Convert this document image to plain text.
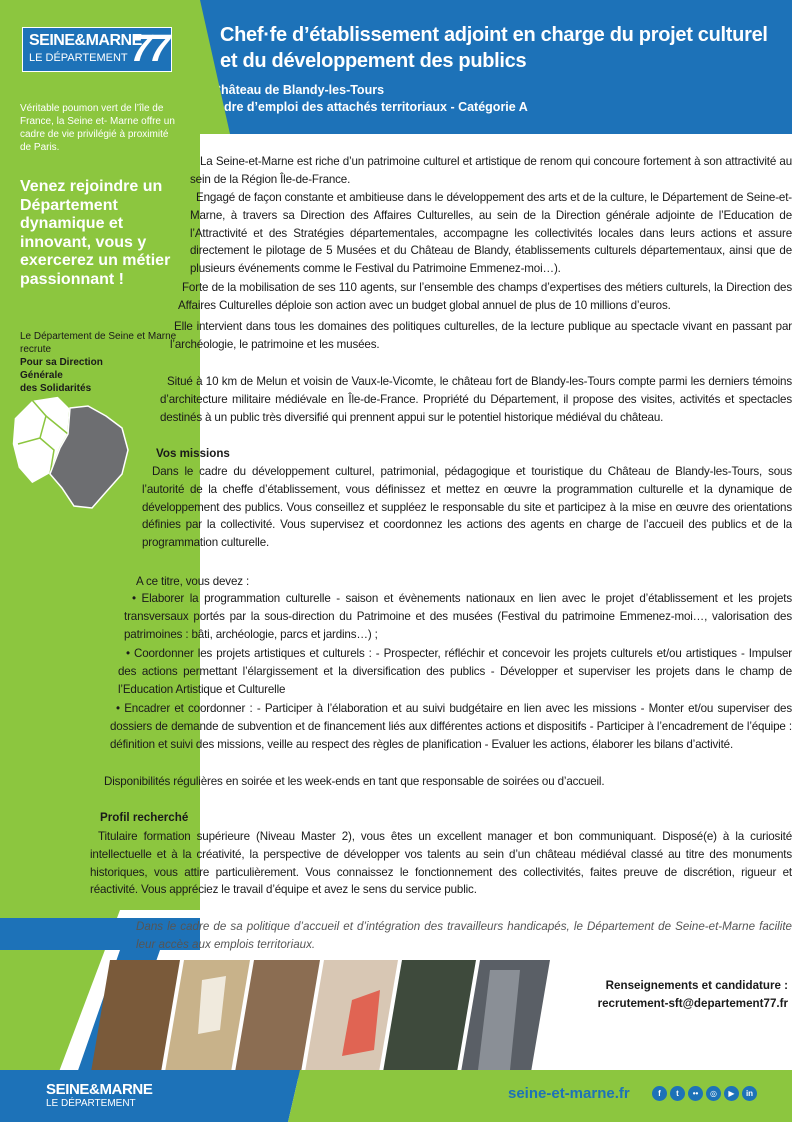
SEINE&MARNE
LE DÉPARTEMENT 77
Véritable poumon vert de l’île de France, la Seine et- Marne offre un cadre de vie privilégié à proximité de Paris.
Venez rejoindre un Département dynamique et innovant, vous y exercerez un métier passionnant !
Le Département de Seine et Marne recrute
Pour sa Direction
Générale
des Solidarités
Chef·fe d’établissement adjoint en charge du projet culturel
et du développement des publics
Château de Blandy-les-Tours
Cadre d’emploi des attachés territoriaux - Catégorie A
La Seine-et-Marne est riche d’un patrimoine culturel et artistique de renom qui concoure fortement à son attractivité au sein de la Région Île-de-France.
Engagé de façon constante et ambitieuse dans le développement des arts et de la culture, le Département de Seine-et-Marne, à travers sa Direction des Affaires Culturelles, au sein de la Direction générale adjointe de l’Education de l’Attractivité et des Stratégies départementales, accompagne les collectivités locales dans leurs actions et assure directement le pilotage de 5 Musées et du Château de Blandy, établissements culturels départementaux, ainsi que de plusieurs événements comme le Festival du Patrimoine Emmenez-moi…).
Forte de la mobilisation de ses 110 agents, sur l’ensemble des champs d’expertises des métiers culturels, la Direction des Affaires Culturelles déploie son action avec un budget global annuel de plus de 10 millions d’euros.
Elle intervient dans tous les domaines des politiques culturelles, de la lecture publique au spectacle vivant en passant par l’archéologie, le patrimoine et les musées.
Situé à 10 km de Melun et voisin de Vaux-le-Vicomte, le château fort de Blandy-les-Tours compte parmi les derniers témoins d’architecture militaire médiévale en Île-de-France. Propriété du Département, il propose des visites, activités et spectacles destinés à un public très diversifié qui prennent appui sur le potentiel historique médiéval du château.
Vos missions
Dans le cadre du développement culturel, patrimonial, pédagogique et touristique du Château de Blandy-les-Tours, sous l’autorité de la cheffe d’établissement, vous définissez et mettez en œuvre la programmation culturelle et la dynamique de développement des publics. Vous conseillez et suppléez le responsable du site et participez à la mise en œuvre des orientations définies par la collectivité. Vous supervisez et coordonnez les actions des agents en charge de l’accueil des publics et de la programmation culturelle.
A ce titre, vous devez :
• Elaborer la programmation culturelle - saison et évènements nationaux en lien avec le projet d’établissement et les projets transversaux portés par la sous-direction du Patrimoine et des musées (Festival du patrimoine Emmenez-moi…, valorisation des patrimoines : bâti, archéologie, parcs et jardins…) ;
• Coordonner les projets artistiques et culturels : - Prospecter, réfléchir et concevoir les projets culturels et/ou artistiques - Impulser des actions permettant l’élargissement et la diversification des publics - Développer et superviser les projets dans le champ de l’Education Artistique et Culturelle
• Encadrer et coordonner : - Participer à l’élaboration et au suivi budgétaire en lien avec les missions - Monter et/ou superviser des dossiers de demande de subvention et de financement liés aux différentes actions et dispositifs - Participer à l’encadrement de l’équipe : définition et suivi des missions, veille au respect des règles de planification - Evaluer les actions, élaborer les bilans d’activité.
Disponibilités régulières en soirée et les week-ends en tant que responsable de soirées ou d’accueil.
Profil recherché
Titulaire formation supérieure (Niveau Master 2), vous êtes un excellent manager et bon communiquant. Disposé(e) à la curiosité intellectuelle et à la créativité, la perspective de développer vos talents au sein d’un château médiéval classé au titre des monuments historiques, vous attire particulièrement. Vous connaissez le fonctionnement des collectivités, faites preuve de discrétion, rigueur et réactivité. Vous appréciez le travail d’équipe et avez le sens du service public.
Dans le cadre de sa politique d’accueil et d’intégration des travailleurs handicapés, le Département de Seine-et-Marne facilite leur accès aux emplois territoriaux.
Renseignements et candidature :
recrutement-sft@departement77.fr
SEINE&MARNE
LE DÉPARTEMENT
seine-et-marne.fr	f	t	••	◎	▶	in
